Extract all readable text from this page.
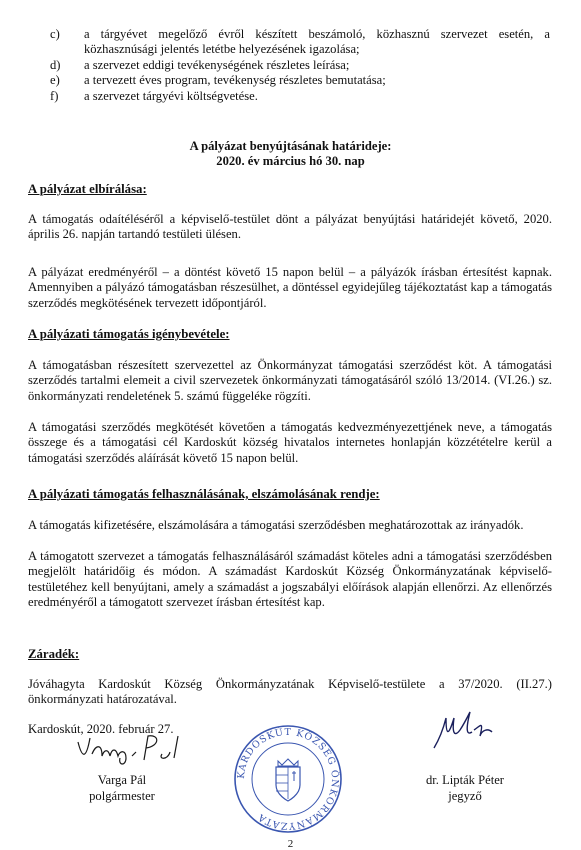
c)	a tárgyévet megelőző évről készített beszámoló, közhasznú szervezet esetén, a közhasznúsági jelentés letétbe helyezésének igazolása;
d)	a szervezet eddigi tevékenységének részletes leírása;
e)	a tervezett éves program, tevékenység részletes bemutatása;
f)	a szervezet tárgyévi költségvetése.
A pályázat benyújtásának határideje:
2020. év március hó 30. nap
A pályázat elbírálása:
A támogatás odaítéléséről a képviselő-testület dönt a pályázat benyújtási határidejét követő, 2020. április 26. napján tartandó testületi ülésen.
A pályázat eredményéről – a döntést követő 15 napon belül – a pályázók írásban értesítést kapnak. Amennyiben a pályázó támogatásban részesülhet, a döntéssel egyidejűleg tájékoztatást kap a támogatás szerződés megkötésének tervezett időpontjáról.
A pályázati támogatás igénybevétele:
A támogatásban részesített szervezettel az Önkormányzat támogatási szerződést köt. A támogatási szerződés tartalmi elemeit a civil szervezetek önkormányzati támogatásáról szóló 13/2014. (VI.26.) sz. önkormányzati rendeletének 5. számú függeléke rögzíti.
A támogatási szerződés megkötését követően a támogatás kedvezményezettjének neve, a támogatás összege és a támogatási cél Kardoskút község hivatalos internetes honlapján közzétételre kerül a támogatási szerződés aláírását követő 15 napon belül.
A pályázati támogatás felhasználásának, elszámolásának rendje:
A támogatás kifizetésére, elszámolására a támogatási szerződésben meghatározottak az irányadók.
A támogatott szervezet a támogatás felhasználásáról számadást köteles adni a támogatási szerződésben megjelölt határidőig és módon. A számadást Kardoskút Község Önkormányzatának képviselő-testületéhez kell benyújtani, amely a számadást a jogszabályi előírások alapján ellenőrzi. Az ellenőrzés eredményéről a támogatott szervezet írásban értesítést kap.
Záradék:
Jóváhagyta Kardoskút Község Önkormányzatának Képviselő-testülete a 37/2020. (II.27.) önkormányzati határozatával.
Kardoskút, 2020. február 27.
KARDOSKÚT KÖZSÉG ÖNKORMÁNYZATA
Varga Pál
polgármester
dr. Lipták Péter
jegyző
2
